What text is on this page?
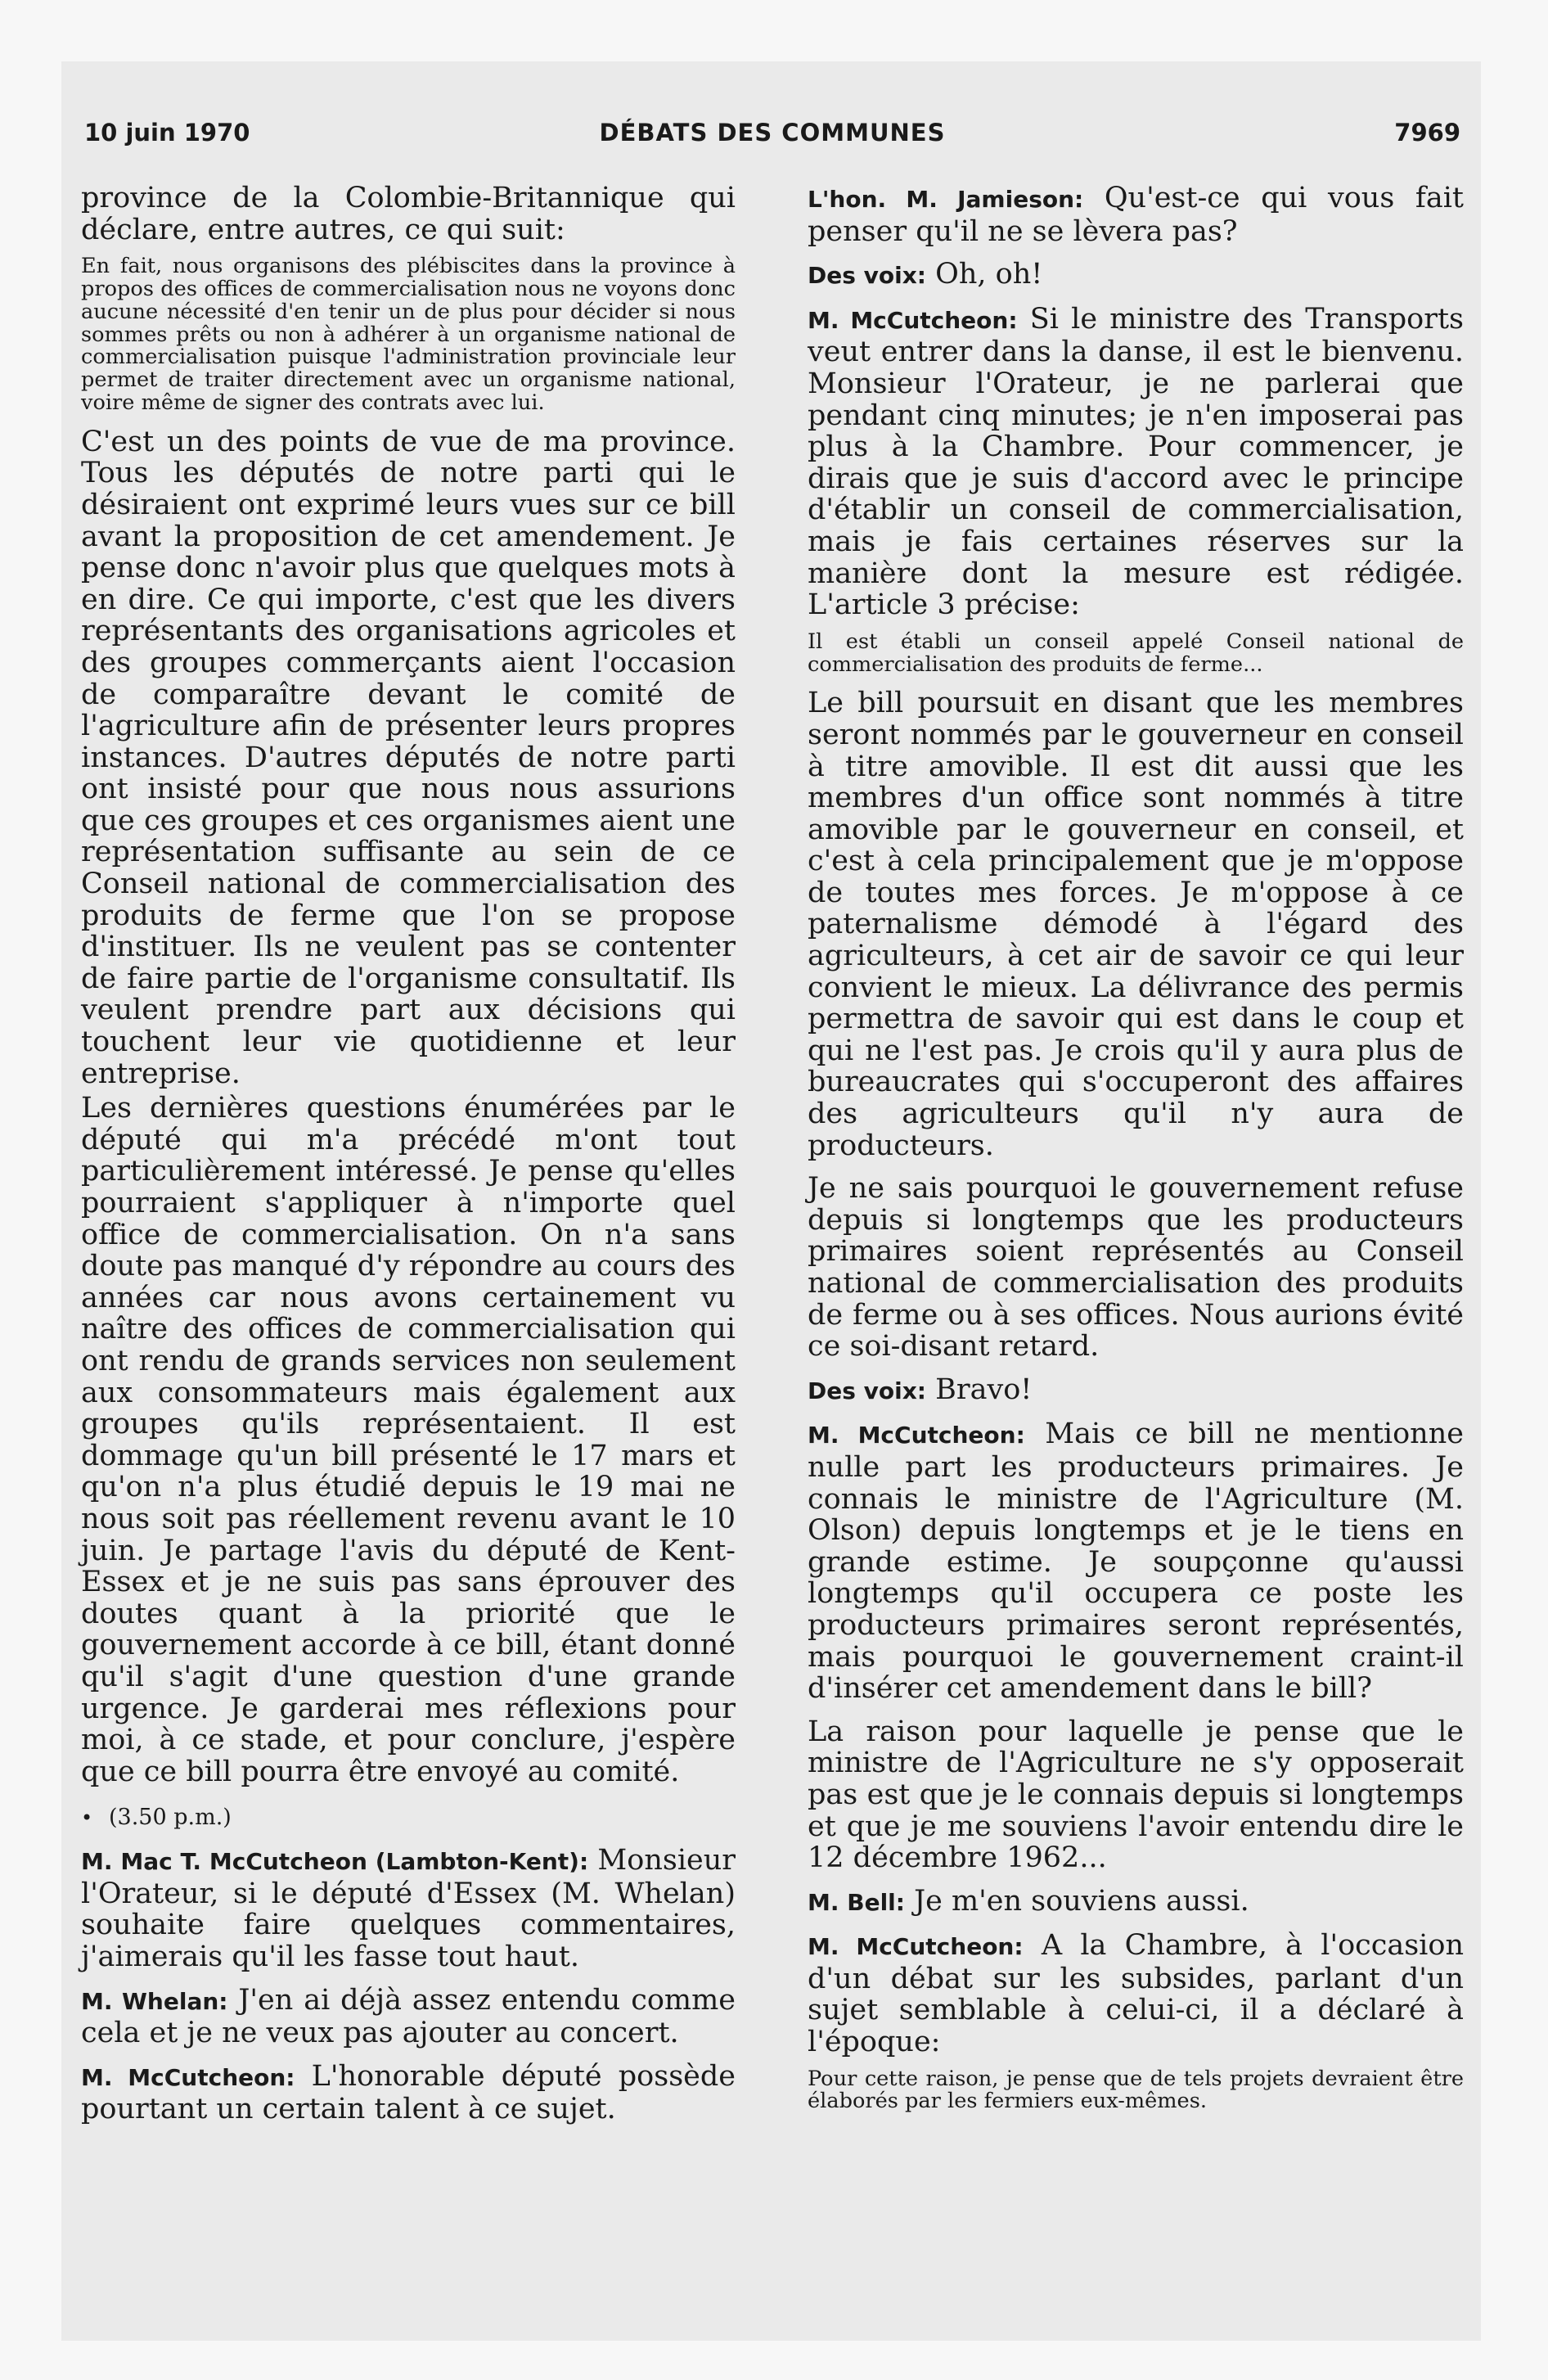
10 juin 1970	DÉBATS DES COMMUNES	7969

province de la Colombie-Britannique qui déclare, entre autres, ce qui suit:

En fait, nous organisons des plébiscites dans la province à propos des offices de commercialisation nous ne voyons donc aucune nécessité d'en tenir un de plus pour décider si nous sommes prêts ou non à adhérer à un organisme national de commercialisation puisque l'administration provinciale leur permet de traiter directement avec un organisme national, voire même de signer des contrats avec lui.

C'est un des points de vue de ma province. Tous les députés de notre parti qui le désiraient ont exprimé leurs vues sur ce bill avant la proposition de cet amendement. Je pense donc n'avoir plus que quelques mots à en dire. Ce qui importe, c'est que les divers représentants des organisations agricoles et des groupes commerçants aient l'occasion de comparaître devant le comité de l'agriculture afin de présenter leurs propres instances. D'autres députés de notre parti ont insisté pour que nous nous assurions que ces groupes et ces organismes aient une représentation suffisante au sein de ce Conseil national de commercialisation des produits de ferme que l'on se propose d'instituer. Ils ne veulent pas se contenter de faire partie de l'organisme consultatif. Ils veulent prendre part aux décisions qui touchent leur vie quotidienne et leur entreprise.

Les dernières questions énumérées par le député qui m'a précédé m'ont tout particulièrement intéressé. Je pense qu'elles pourraient s'appliquer à n'importe quel office de commercialisation. On n'a sans doute pas manqué d'y répondre au cours des années car nous avons certainement vu naître des offices de commercialisation qui ont rendu de grands services non seulement aux consommateurs mais également aux groupes qu'ils représentaient. Il est dommage qu'un bill présenté le 17 mars et qu'on n'a plus étudié depuis le 19 mai ne nous soit pas réellement revenu avant le 10 juin. Je partage l'avis du député de Kent-Essex et je ne suis pas sans éprouver des doutes quant à la priorité que le gouvernement accorde à ce bill, étant donné qu'il s'agit d'une question d'une grande urgence. Je garderai mes réflexions pour moi, à ce stade, et pour conclure, j'espère que ce bill pourra être envoyé au comité.

• (3.50 p.m.)

M. Mac T. McCutcheon (Lambton-Kent): Monsieur l'Orateur, si le député d'Essex (M. Whelan) souhaite faire quelques commentaires, j'aimerais qu'il les fasse tout haut.

M. Whelan: J'en ai déjà assez entendu comme cela et je ne veux pas ajouter au concert.

M. McCutcheon: L'honorable député possède pourtant un certain talent à ce sujet.

L'hon. M. Jamieson: Qu'est-ce qui vous fait penser qu'il ne se lèvera pas?

Des voix: Oh, oh!

M. McCutcheon: Si le ministre des Transports veut entrer dans la danse, il est le bienvenu. Monsieur l'Orateur, je ne parlerai que pendant cinq minutes; je n'en imposerai pas plus à la Chambre. Pour commencer, je dirais que je suis d'accord avec le principe d'établir un conseil de commercialisation, mais je fais certaines réserves sur la manière dont la mesure est rédigée. L'article 3 précise:

Il est établi un conseil appelé Conseil national de commercialisation des produits de ferme...

Le bill poursuit en disant que les membres seront nommés par le gouverneur en conseil à titre amovible. Il est dit aussi que les membres d'un office sont nommés à titre amovible par le gouverneur en conseil, et c'est à cela principalement que je m'oppose de toutes mes forces. Je m'oppose à ce paternalisme démodé à l'égard des agriculteurs, à cet air de savoir ce qui leur convient le mieux. La délivrance des permis permettra de savoir qui est dans le coup et qui ne l'est pas. Je crois qu'il y aura plus de bureaucrates qui s'occuperont des affaires des agriculteurs qu'il n'y aura de producteurs.

Je ne sais pourquoi le gouvernement refuse depuis si longtemps que les producteurs primaires soient représentés au Conseil national de commercialisation des produits de ferme ou à ses offices. Nous aurions évité ce soi-disant retard.

Des voix: Bravo!

M. McCutcheon: Mais ce bill ne mentionne nulle part les producteurs primaires. Je connais le ministre de l'Agriculture (M. Olson) depuis longtemps et je le tiens en grande estime. Je soupçonne qu'aussi longtemps qu'il occupera ce poste les producteurs primaires seront représentés, mais pourquoi le gouvernement craint-il d'insérer cet amendement dans le bill?

La raison pour laquelle je pense que le ministre de l'Agriculture ne s'y opposerait pas est que je le connais depuis si longtemps et que je me souviens l'avoir entendu dire le 12 décembre 1962...

M. Bell: Je m'en souviens aussi.

M. McCutcheon: A la Chambre, à l'occasion d'un débat sur les subsides, parlant d'un sujet semblable à celui-ci, il a déclaré à l'époque:

Pour cette raison, je pense que de tels projets devraient être élaborés par les fermiers eux-mêmes.
